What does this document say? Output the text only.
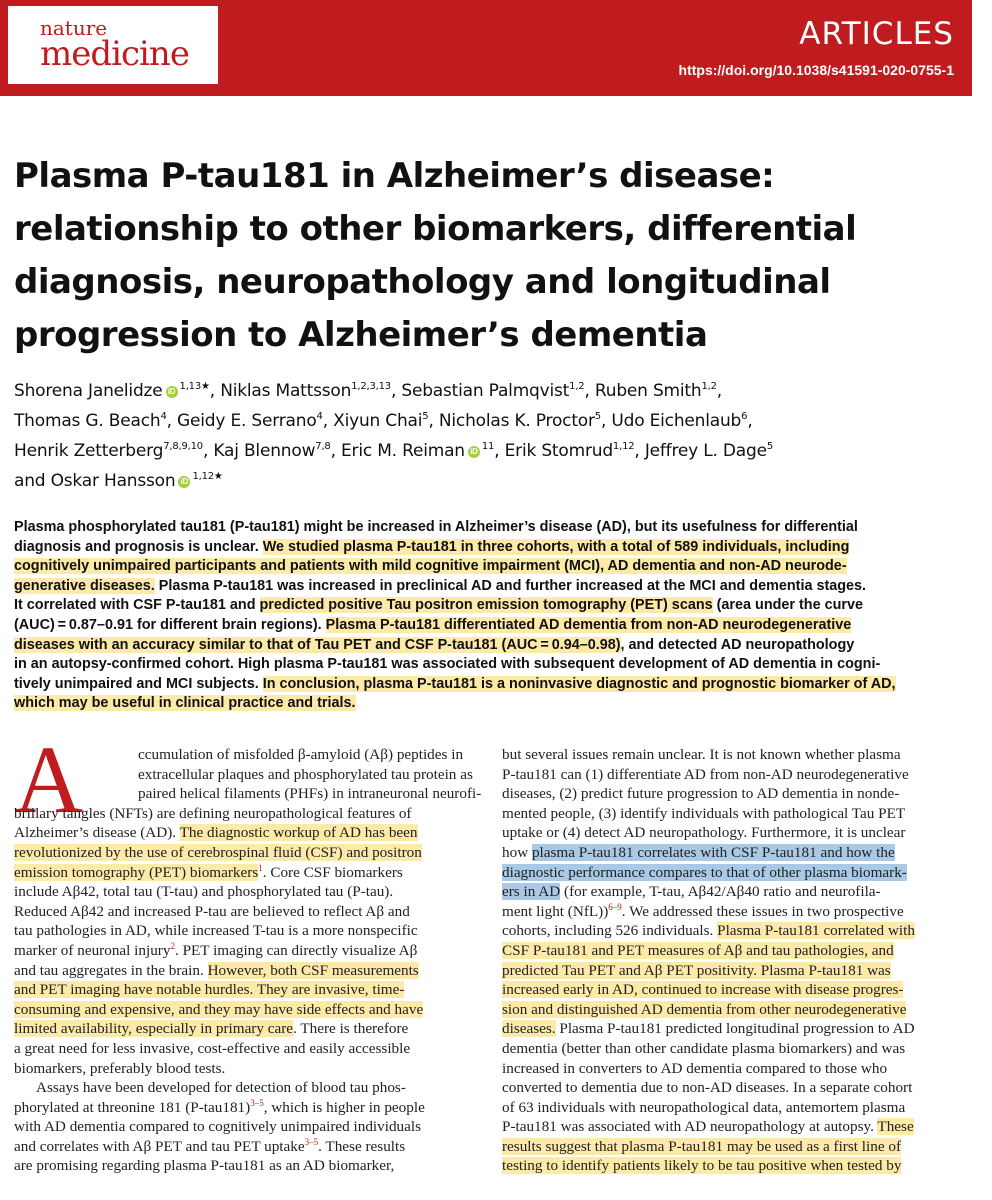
nature
medicine	ARTICLES
https://doi.org/10.1038/s41591-020-0755-1
Plasma P-tau181 in Alzheimer’s disease:
relationship to other biomarkers, differential
diagnosis, neuropathology and longitudinal
progression to Alzheimer’s dementia
Shorena Janelidze iD $^{1,13★}$, Niklas Mattsson$^{1,2,3,13}$, Sebastian Palmqvist$^{1,2}$, Ruben Smith$^{1,2}$,
Thomas G. Beach$^4$, Geidy E. Serrano$^4$, Xiyun Chai$^5$, Nicholas K. Proctor$^5$, Udo Eichenlaub$^6$,
Henrik Zetterberg$^{7,8,9,10}$, Kaj Blennow$^{7,8}$, Eric M. Reiman iD $^{11}$, Erik Stomrud$^{1,12}$, Jeffrey L. Dage$^5$
and Oskar Hansson iD $^{1,12★}$
Plasma phosphorylated tau181 (P-tau181) might be increased in Alzheimer’s disease (AD), but its usefulness for differential
diagnosis and prognosis is unclear. We studied plasma P-tau181 in three cohorts, with a total of 589 individuals, including
cognitively unimpaired participants and patients with mild cognitive impairment (MCI), AD dementia and non-AD neurode-
generative diseases. Plasma P-tau181 was increased in preclinical AD and further increased at the MCI and dementia stages.
It correlated with CSF P-tau181 and predicted positive Tau positron emission tomography (PET) scans (area under the curve
(AUC) = 0.87–0.91 for different brain regions). Plasma P-tau181 differentiated AD dementia from non-AD neurodegenerative
diseases with an accuracy similar to that of Tau PET and CSF P-tau181 (AUC = 0.94–0.98), and detected AD neuropathology
in an autopsy-confirmed cohort. High plasma P-tau181 was associated with subsequent development of AD dementia in cogni-
tively unimpaired and MCI subjects. In conclusion, plasma P-tau181 is a noninvasive diagnostic and prognostic biomarker of AD,
which may be useful in clinical practice and trials.
A	ccumulation of misfolded β-amyloid (Aβ) peptides in
extracellular plaques and phosphorylated tau protein as
paired helical filaments (PHFs) in intraneuronal neurofi-
brillary tangles (NFTs) are defining neuropathological features of
Alzheimer’s disease (AD). The diagnostic workup of AD has been
revolutionized by the use of cerebrospinal fluid (CSF) and positron
emission tomography (PET) biomarkers$^1$. Core CSF biomarkers
include Aβ42, total tau (T-tau) and phosphorylated tau (P-tau).
Reduced Aβ42 and increased P-tau are believed to reflect Aβ and
tau pathologies in AD, while increased T-tau is a more nonspecific
marker of neuronal injury$^2$. PET imaging can directly visualize Aβ
and tau aggregates in the brain. However, both CSF measurements
and PET imaging have notable hurdles. They are invasive, time-
consuming and expensive, and they may have side effects and have
limited availability, especially in primary care. There is therefore
a great need for less invasive, cost-effective and easily accessible
biomarkers, preferably blood tests.
Assays have been developed for detection of blood tau phos-
phorylated at threonine 181 (P-tau181)$^{3-5}$, which is higher in people
with AD dementia compared to cognitively unimpaired individuals
and correlates with Aβ PET and tau PET uptake$^{3-5}$. These results
are promising regarding plasma P-tau181 as an AD biomarker,
but several issues remain unclear. It is not known whether plasma
P-tau181 can (1) differentiate AD from non-AD neurodegenerative
diseases, (2) predict future progression to AD dementia in nonde-
mented people, (3) identify individuals with pathological Tau PET
uptake or (4) detect AD neuropathology. Furthermore, it is unclear
how plasma P-tau181 correlates with CSF P-tau181 and how the
diagnostic performance compares to that of other plasma biomark-
ers in AD (for example, T-tau, Aβ42/Aβ40 ratio and neurofila-
ment light (NfL))$^{6-9}$. We addressed these issues in two prospective
cohorts, including 526 individuals. Plasma P-tau181 correlated with
CSF P-tau181 and PET measures of Aβ and tau pathologies, and
predicted Tau PET and Aβ PET positivity. Plasma P-tau181 was
increased early in AD, continued to increase with disease progres-
sion and distinguished AD dementia from other neurodegenerative
diseases. Plasma P-tau181 predicted longitudinal progression to AD
dementia (better than other candidate plasma biomarkers) and was
increased in converters to AD dementia compared to those who
converted to dementia due to non-AD diseases. In a separate cohort
of 63 individuals with neuropathological data, antemortem plasma
P-tau181 was associated with AD neuropathology at autopsy. These
results suggest that plasma P-tau181 may be used as a first line of
testing to identify patients likely to be tau positive when tested by
